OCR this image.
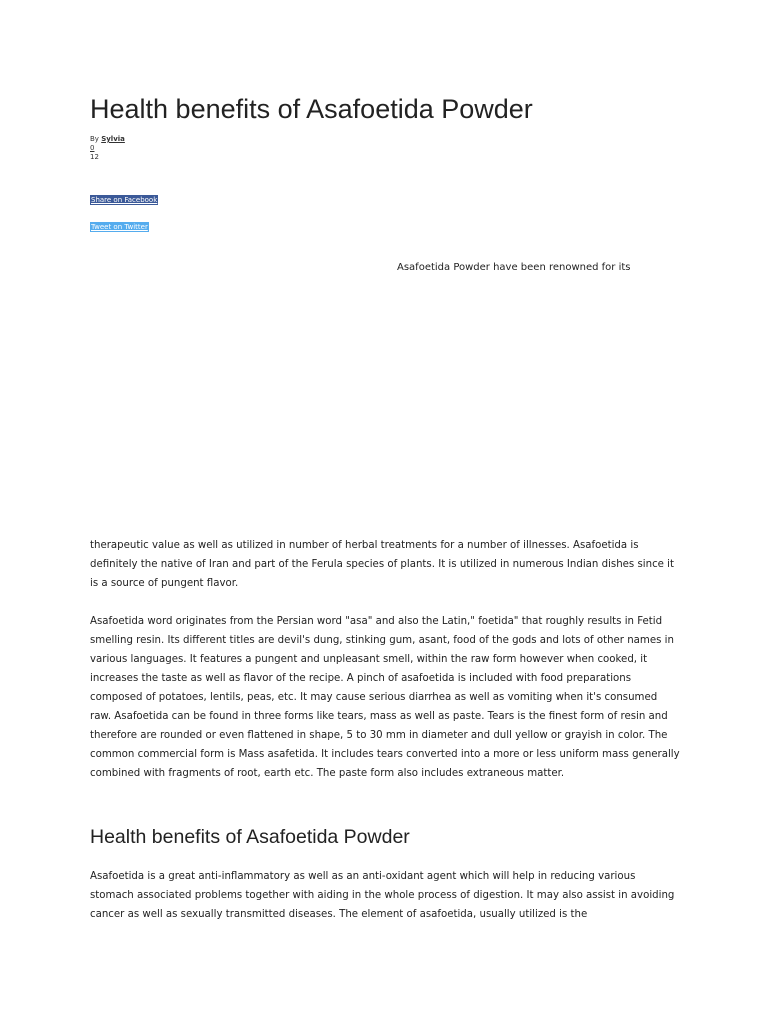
Health benefits of Asafoetida Powder
By Sylvia
0
12
Share on Facebook
Tweet on Twitter
Asafoetida Powder have been renowned for its

therapeutic value as well as utilized in number of herbal treatments for a number of illnesses. Asafoetida is definitely the native of Iran and part of the Ferula species of plants. It is utilized in numerous Indian dishes since it is a source of pungent flavor.

Asafoetida word originates from the Persian word "asa" and also the Latin," foetida" that roughly results in Fetid smelling resin. Its different titles are devil's dung, stinking gum, asant, food of the gods and lots of other names in various languages. It features a pungent and unpleasant smell, within the raw form however when cooked, it increases the taste as well as flavor of the recipe. A pinch of asafoetida is included with food preparations composed of potatoes, lentils, peas, etc. It may cause serious diarrhea as well as vomiting when it's consumed raw. Asafoetida can be found in three forms like tears, mass as well as paste. Tears is the finest form of resin and therefore are rounded or even flattened in shape, 5 to 30 mm in diameter and dull yellow or grayish in color. The common commercial form is Mass asafetida. It includes tears converted into a more or less uniform mass generally combined with fragments of root, earth etc. The paste form also includes extraneous matter.

Health benefits of Asafoetida Powder

Asafoetida is a great anti-inflammatory as well as an anti-oxidant agent which will help in reducing various stomach associated problems together with aiding in the whole process of digestion. It may also assist in avoiding cancer as well as sexually transmitted diseases. The element of asafoetida, usually utilized is the
